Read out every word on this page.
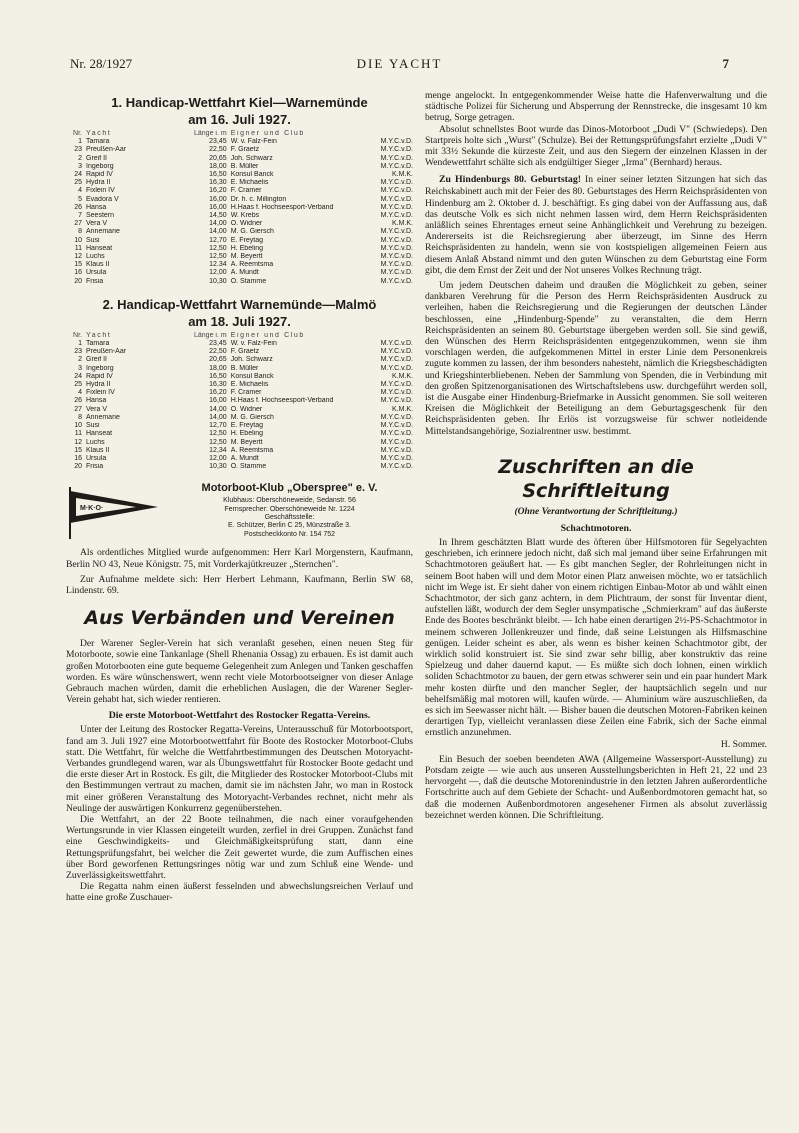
Nr. 28/1927	DIE YACHT	7
1. Handicap-Wettfahrt Kiel—Warnemünde
am 16. Juli 1927.
Nr.	Yacht	Länge i. m	Eigner und Club	
1	Tamara	23,45	W. v. Falz-Fein	M.Y.C.v.D.
23	Preußen-Aar	22,50	F. Graetz	M.Y.C.v.D.
2	Greif II	20,65	Joh. Schwarz	M.Y.C.v.D.
3	Ingeborg	18,00	B. Müller	M.Y.C.v.D.
24	Rapid IV	16,50	Konsul Banck	K.M.K.
25	Hydra II	16,30	E. Michaelis	M.Y.C.v.D.
4	Fixlein IV	16,20	F. Cramer	M.Y.C.v.D.
5	Evadora V	16,00	Dr. h. c. Millington	M.Y.C.v.D.
26	Hansa	16,00	H.Haas f. Hochseesport-Verband	M.Y.C.v.D.
7	Seestern	14,50	W. Krebs	M.Y.C.v.D.
27	Vera V	14,00	O. Widner	K.M.K.
8	Annemarie	14,00	M. G. Giersch	M.Y.C.v.D.
10	Susi	12,70	E. Freytag	M.Y.C.v.D.
11	Hanseat	12,50	H. Ebeling	M.Y.C.v.D.
12	Luchs	12,50	M. Beyertt	M.Y.C.v.D.
15	Klaus II	12.34	A. Reemtsma	M.Y.C.v.D.
16	Ursula	12,00	A. Mundt	M.Y.C.v.D.
20	Frisia	10,30	O. Stamme	M.Y.C.v.D.
2. Handicap-Wettfahrt Warnemünde—Malmö
am 18. Juli 1927.
Nr.	Yacht	Länge i. m	Eigner und Club	
1	Tamara	23,45	W. v. Falz-Fein	M.Y.C.v.D.
23	Preußen-Aar	22,50	F. Graetz	M.Y.C.v.D.
2	Greif II	20,65	Joh. Schwarz	M.Y.C.v.D.
3	Ingeborg	18,00	B. Müller	M.Y.C.v.D.
24	Rapid IV	16,50	Konsul Banck	K.M.K.
25	Hydra II	16,30	E. Michaelis	M.Y.C.v.D.
4	Fixlein IV	16,20	F. Cramer	M.Y.C.v.D.
26	Hansa	16,00	H.Haas f. Hochseesport-Verband	M.Y.C.v.D.
27	Vera V	14,00	O. Widner	K.M.K.
8	Annemarie	14,00	M. G. Giersch	M.Y.C.v.D.
10	Susi	12,70	E. Freytag	M.Y.C.v.D.
11	Hanseat	12,50	H. Ebeling	M.Y.C.v.D.
12	Luchs	12,50	M. Beyertt	M.Y.C.v.D.
15	Klaus II	12,34	A. Reemtsma	M.Y.C.v.D.
16	Ursula	12,00	A. Mundt	M.Y.C.v.D.
20	Frisia	10,30	O. Stamme	M.Y.C.v.D.
M·K·O·
Motorboot-Klub „Oberspree" e. V.
Klubhaus: Oberschöneweide, Sedanstr. 56
Fernsprecher: Oberschöneweide Nr. 1224
Geschäftsstelle:
E. Schützer, Berlin C 25, Münzstraße 3.
Postscheckkonto Nr. 154 752

Als ordentliches Mitglied wurde aufgenommen: Herr Karl Morgenstern, Kaufmann, Berlin NO 43, Neue Königstr. 75, mit Vorderkajütkreuzer „Sternchen".

Zur Aufnahme meldete sich: Herr Herbert Lehmann, Kaufmann, Berlin SW 68, Lindenstr. 69.

Aus Verbänden und Vereinen

Der Warener Segler-Verein hat sich veranlaßt gesehen, einen neuen Steg für Motorboote, sowie eine Tankanlage (Shell Rhenania Ossag) zu erbauen. Es ist damit auch großen Motorbooten eine gute bequeme Gelegenheit zum Anlegen und Tanken geschaffen worden. Es wäre wünschenswert, wenn recht viele Motorbootseigner von dieser Anlage Gebrauch machen würden, damit die erheblichen Auslagen, die der Warener Segler-Verein gehabt hat, sich wieder rentieren.

Die erste Motorboot-Wettfahrt des Rostocker Regatta-Vereins.

Unter der Leitung des Rostocker Regatta-Vereins, Unterausschuß für Motorbootsport, fand am 3. Juli 1927 eine Motorbootwettfahrt für Boote des Rostocker Motorboot-Clubs statt. Die Wettfahrt, für welche die Wettfahrtbestimmungen des Deutschen Motoryacht-Verbandes grundlegend waren, war als Übungswettfahrt für Rostocker Boote gedacht und die erste dieser Art in Rostock. Es gilt, die Mitglieder des Rostocker Motorboot-Clubs mit den Bestimmungen vertraut zu machen, damit sie im nächsten Jahr, wo man in Rostock mit einer größeren Veranstaltung des Motoryacht-Verbandes rechnet, nicht mehr als Neulinge der auswärtigen Konkurrenz gegenüberstehen.

Die Wettfahrt, an der 22 Boote teilnahmen, die nach einer voraufgehenden Wertungsrunde in vier Klassen eingeteilt wurden, zerfiel in drei Gruppen. Zunächst fand eine Geschwindigkeits- und Gleichmäßigkeitsprüfung statt, dann eine Rettungsprüfungsfahrt, bei welcher die Zeit gewertet wurde, die zum Auffischen eines über Bord geworfenen Rettungsringes nötig war und zum Schluß eine Wende- und Zuverlässigkeitswettfahrt.

Die Regatta nahm einen äußerst fesselnden und abwechslungsreichen Verlauf und hatte eine große Zuschauer-

menge angelockt. In entgegenkommender Weise hatte die Hafenverwaltung und die städtische Polizei für Sicherung und Absperrung der Rennstrecke, die insgesamt 10 km betrug, Sorge getragen.

Absolut schnellstes Boot wurde das Dinos-Motorboot „Dudi V" (Schwiedeps). Den Startpreis holte sich „Wurst" (Schulze). Bei der Rettungsprüfungsfahrt erzielte „Dudi V" mit 33½ Sekunde die kürzeste Zeit, und aus den Siegern der einzelnen Klassen in der Wendewettfahrt schälte sich als endgültiger Sieger „Irma" (Bernhard) heraus.

Zu Hindenburgs 80. Geburtstag! In einer seiner letzten Sitzungen hat sich das Reichskabinett auch mit der Feier des 80. Geburtstages des Herrn Reichspräsidenten von Hindenburg am 2. Oktober d. J. beschäftigt. Es ging dabei von der Auffassung aus, daß das deutsche Volk es sich nicht nehmen lassen wird, dem Herrn Reichspräsidenten anläßlich seines Ehrentages erneut seine Anhänglichkeit und Verehrung zu bezeigen. Andererseits ist die Reichsregierung aber überzeugt, im Sinne des Herrn Reichspräsidenten zu handeln, wenn sie von kostspieligen allgemeinen Feiern aus diesem Anlaß Abstand nimmt und den guten Wünschen zu dem Geburtstag eine Form gibt, die dem Ernst der Zeit und der Not unseres Volkes Rechnung trägt.

Um jedem Deutschen daheim und draußen die Möglichkeit zu geben, seiner dankbaren Verehrung für die Person des Herrn Reichspräsidenten Ausdruck zu verleihen, haben die Reichsregierung und die Regierungen der deutschen Länder beschlossen, eine „Hindenburg-Spende" zu veranstalten, die dem Herrn Reichspräsidenten an seinem 80. Geburtstage übergeben werden soll. Sie sind gewiß, den Wünschen des Herrn Reichspräsidenten entgegenzukommen, wenn sie ihm vorschlagen werden, die aufgekommenen Mittel in erster Linie dem Personenkreis zugute kommen zu lassen, der ihm besonders nahesteht, nämlich die Kriegsbeschädigten und Kriegshinterbliebenen. Neben der Sammlung von Spenden, die in Verbindung mit den großen Spitzenorganisationen des Wirtschaftslebens usw. durchgeführt werden soll, ist die Ausgabe einer Hindenburg-Briefmarke in Aussicht genommen. Sie soll weiteren Kreisen die Möglichkeit der Beteiligung an dem Geburtagsgeschenk für den Reichspräsidenten geben. Ihr Erlös ist vorzugsweise für schwer notleidende Mittelstandsangehörige, Sozialrentner usw. bestimmt.

Zuschriften an die Schriftleitung
(Ohne Verantwortung der Schriftleitung.)
Schachtmotoren.

In Ihrem geschätzten Blatt wurde des öfteren über Hilfsmotoren für Segelyachten geschrieben, ich erinnere jedoch nicht, daß sich mal jemand über seine Erfahrungen mit Schachtmotoren geäußert hat. — Es gibt manchen Segler, der Rohrleitungen nicht in seinem Boot haben will und dem Motor einen Platz anweisen möchte, wo er tatsächlich nicht im Wege ist. Er sieht daher von einem richtigen Einbau-Motor ab und wählt einen Schachtmotor, der sich ganz achtern, in dem Plichtraum, der sonst für Inventar dient, aufstellen läßt, wodurch der dem Segler unsympatische „Schmierkram" auf das äußerste Ende des Bootes beschränkt bleibt. — Ich habe einen derartigen 2½-PS-Schachtmotor in meinem schweren Jollenkreuzer und finde, daß seine Leistungen als Hilfsmaschine genügen. Leider scheint es aber, als wenn es bisher keinen Schachtmotor gibt, der wirklich solid konstruiert ist. Sie sind zwar sehr billig, aber konstruktiv das reine Spielzeug und daher dauernd kaput. — Es müßte sich doch lohnen, einen wirklich soliden Schachtmotor zu bauen, der gern etwas schwerer sein und ein paar hundert Mark mehr kosten dürfte und den mancher Segler, der hauptsächlich segeln und nur behelfsmäßig mal motoren will, kaufen würde. — Aluminium wäre auszuschließen, da es sich im Seewasser nicht hält. — Bisher bauen die deutschen Motoren-Fabriken keinen derartigen Typ, vielleicht veranlassen diese Zeilen eine Fabrik, sich der Sache einmal ernstlich anzunehmen.

H. Sommer.

Ein Besuch der soeben beendeten AWA (Allgemeine Wassersport-Ausstellung) zu Potsdam zeigte — wie auch aus unseren Ausstellungsberichten in Heft 21, 22 und 23 hervorgeht —, daß die deutsche Motorenindustrie in den letzten Jahren außerordentliche Fortschritte auch auf dem Gebiete der Schacht- und Außenbordmotoren gemacht hat, so daß die modernen Außenbordmotoren angesehener Firmen als absolut zuverlässig bezeichnet werden können. Die Schriftleitung.
